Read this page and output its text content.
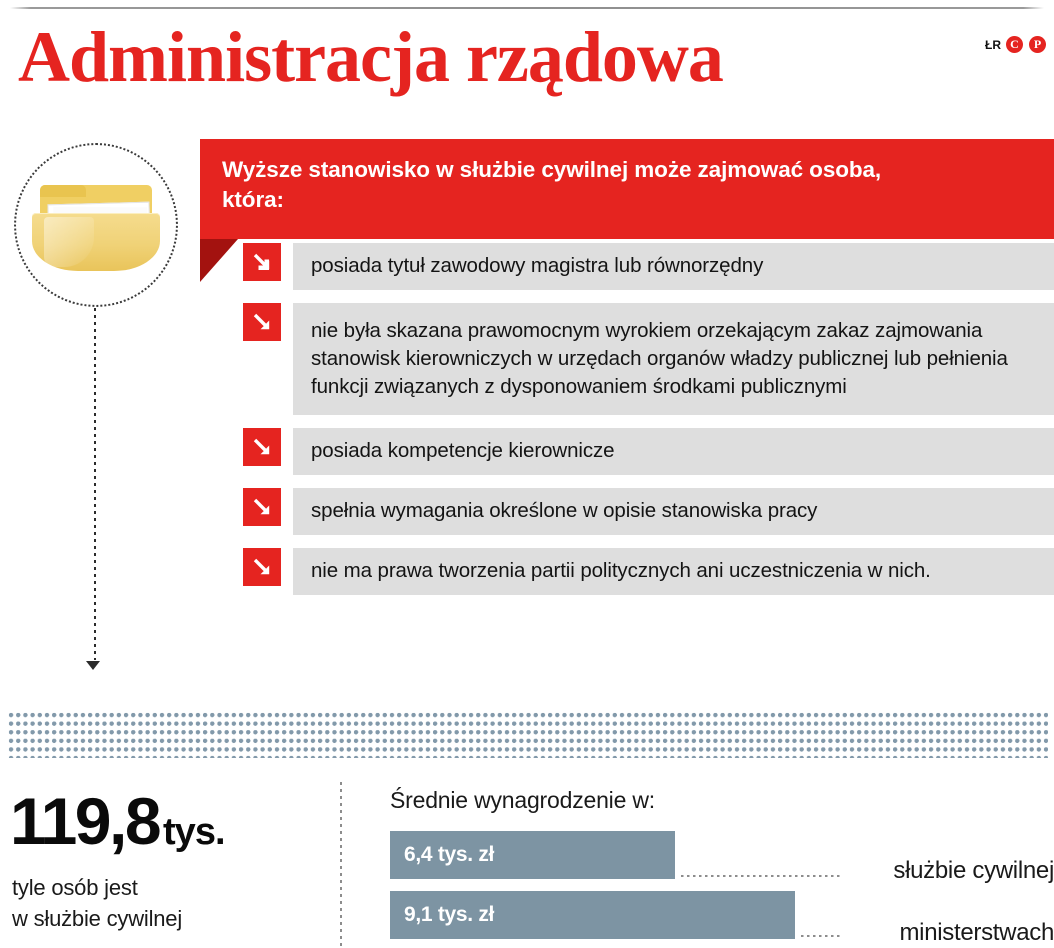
Administracja rządowa	ŁR C	P
Wyższe stanowisko w służbie cywilnej może zajmować osoba, która:
posiada tytuł zawodowy magistra lub równorzędny
nie była skazana prawomocnym wyrokiem orzekającym zakaz zajmowania stanowisk kierowniczych w urzędach organów władzy publicznej lub pełnienia funkcji związanych z dysponowaniem środkami publicznymi
posiada kompetencje kierownicze
spełnia wymagania określone w opisie stanowiska pracy
nie ma prawa tworzenia partii politycznych ani uczestniczenia w nich.
119,8 tys.
tyle osób jest
w służbie cywilnej
Średnie wynagrodzenie w:
6,4 tys. zł
służbie cywilnej
9,1 tys. zł
ministerstwach
